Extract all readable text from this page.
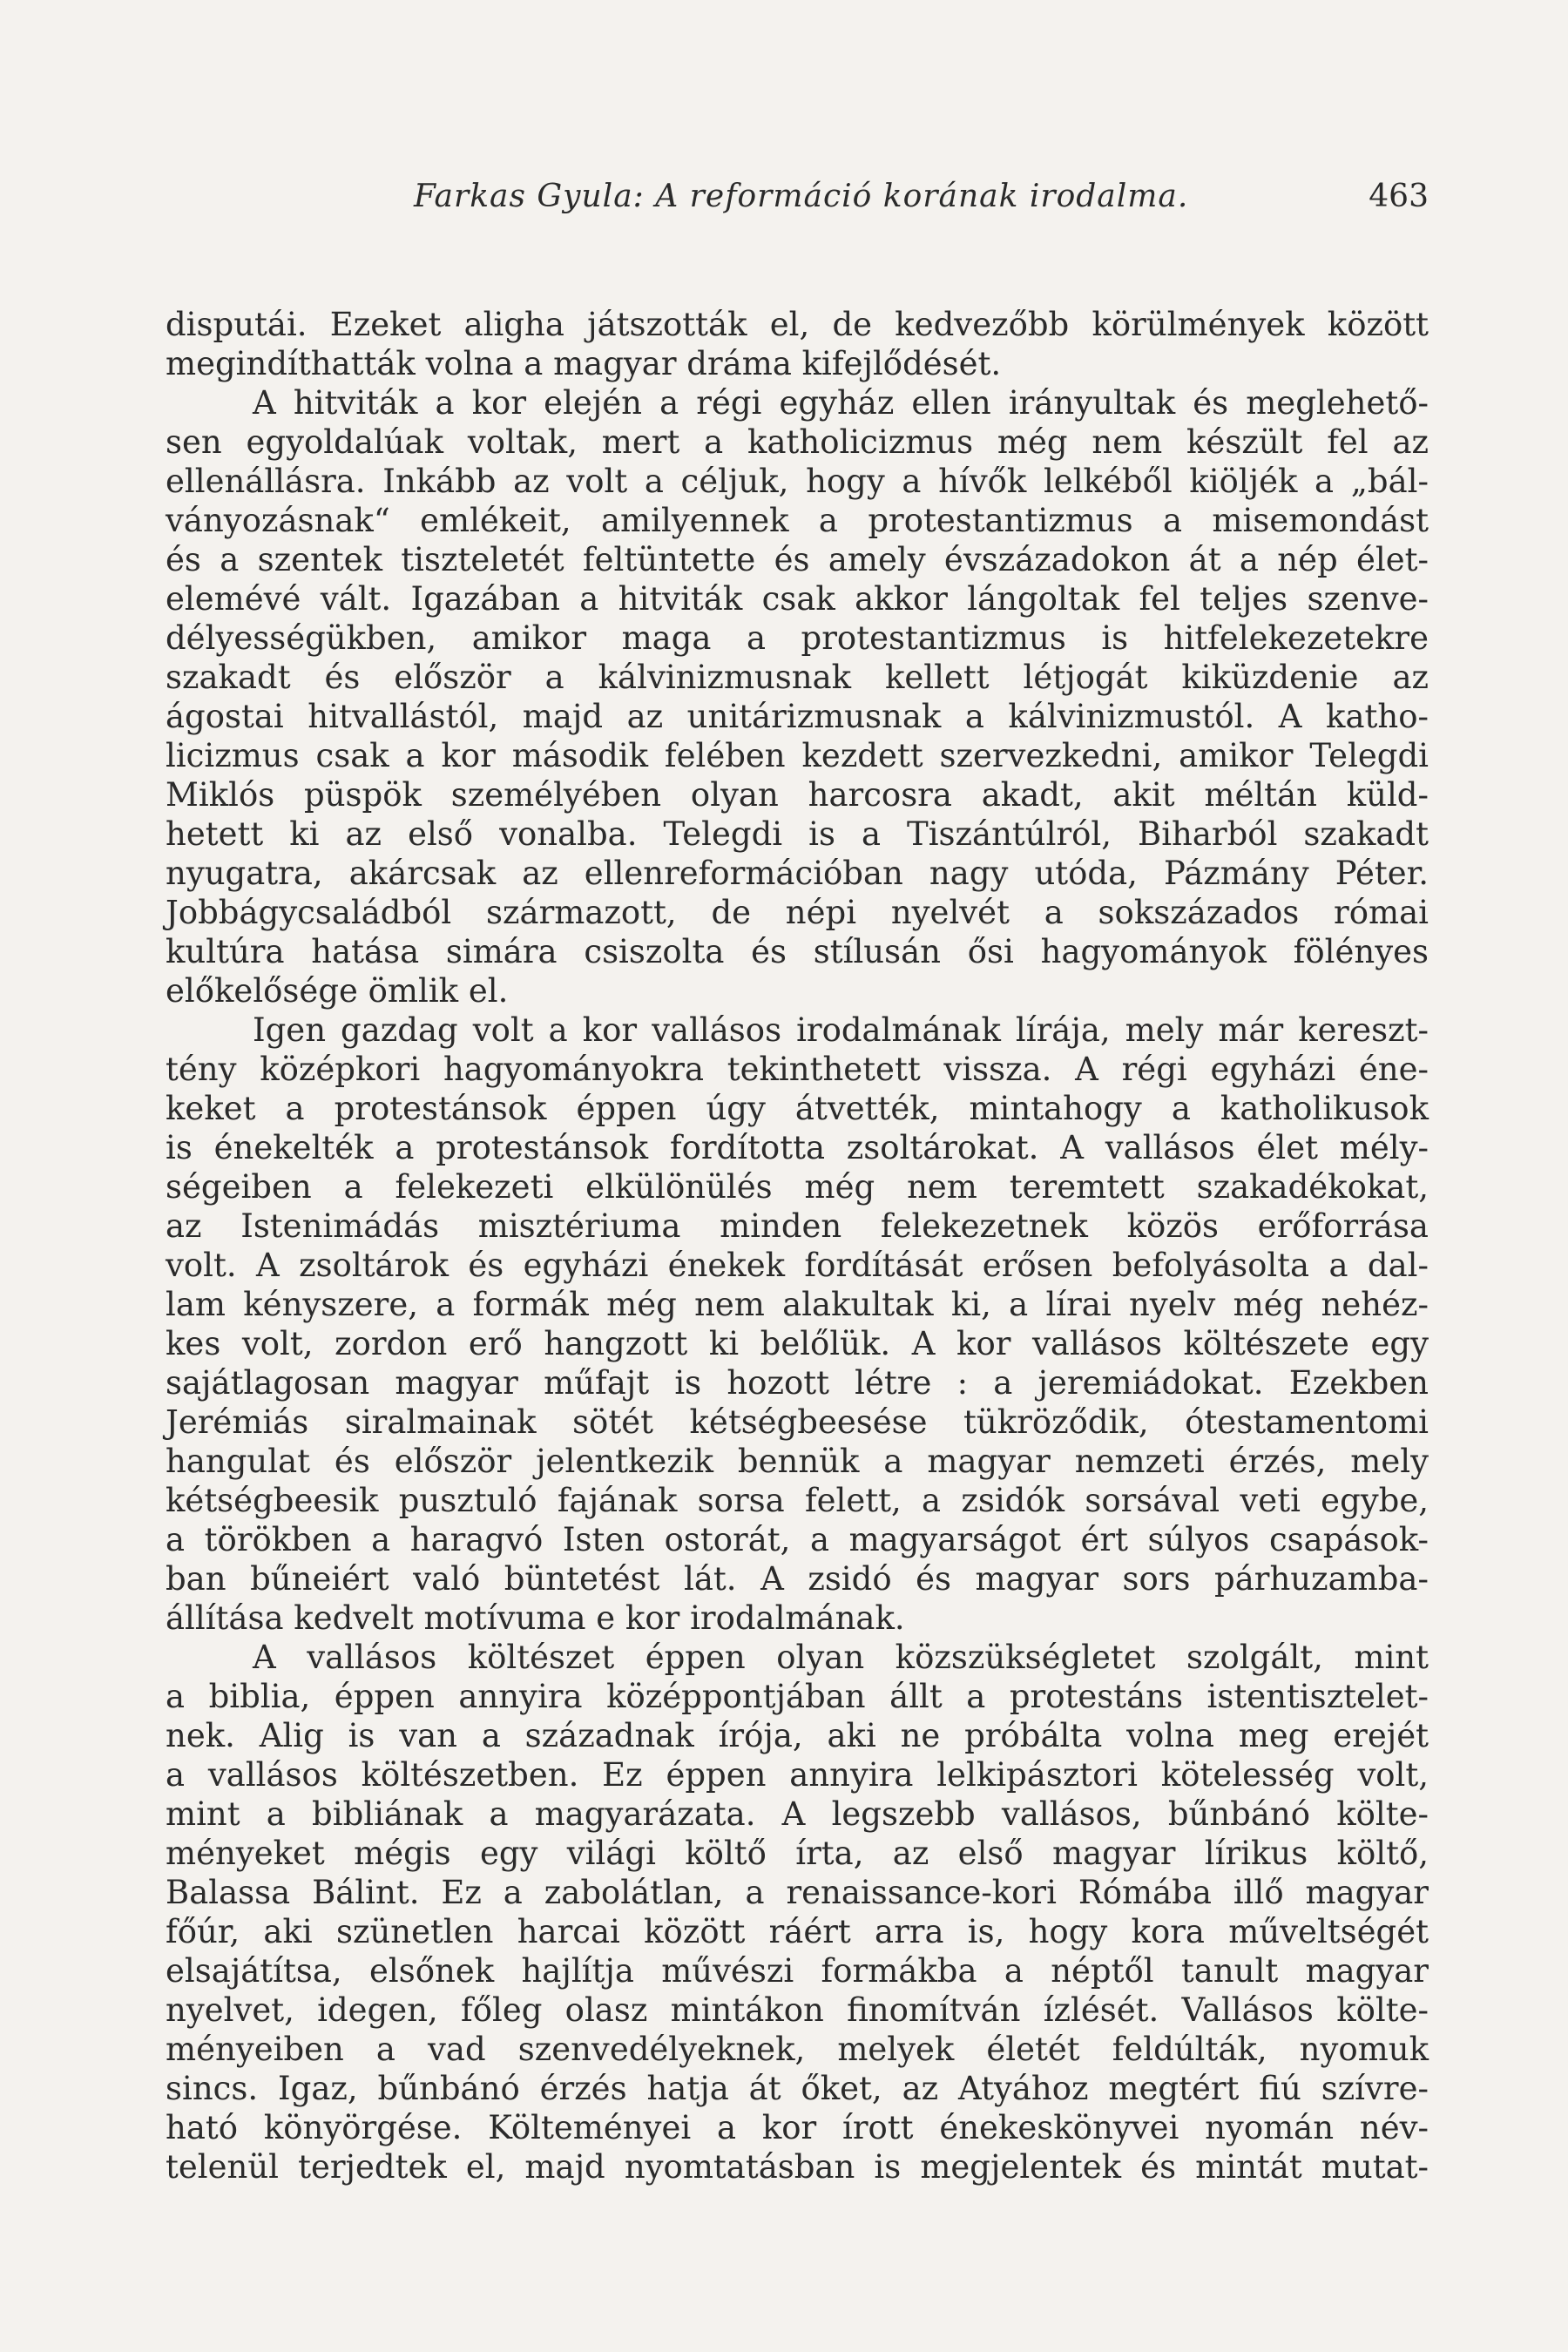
Farkas Gyula: A reformáció korának irodalma.	463
disputái. Ezeket aligha játszották el, de kedvezőbb körülmények között
megindíthatták volna a magyar dráma kifejlődését.
A hitviták a kor elején a régi egyház ellen irányultak és meglehető-
sen egyoldalúak voltak, mert a katholicizmus még nem készült fel az
ellenállásra. Inkább az volt a céljuk, hogy a hívők lelkéből kiöljék a „bál-
ványozásnak“ emlékeit, amilyennek a protestantizmus a misemondást
és a szentek tiszteletét feltüntette és amely évszázadokon át a nép élet-
elemévé vált. Igazában a hitviták csak akkor lángoltak fel teljes szenve-
délyességükben, amikor maga a protestantizmus is hitfelekezetekre
szakadt és először a kálvinizmusnak kellett létjogát kiküzdenie az
ágostai hitvallástól, majd az unitárizmusnak a kálvinizmustól. A katho-
licizmus csak a kor második felében kezdett szervezkedni, amikor Telegdi
Miklós püspök személyében olyan harcosra akadt, akit méltán küld-
hetett ki az első vonalba. Telegdi is a Tiszántúlról, Biharból szakadt
nyugatra, akárcsak az ellenreformációban nagy utóda, Pázmány Péter.
Jobbágycsaládból származott, de népi nyelvét a sokszázados római
kultúra hatása simára csiszolta és stílusán ősi hagyományok fölényes
előkelősége ömlik el.
Igen gazdag volt a kor vallásos irodalmának lírája, mely már kereszt-
tény középkori hagyományokra tekinthetett vissza. A régi egyházi éne-
keket a protestánsok éppen úgy átvették, mintahogy a katholikusok
is énekelték a protestánsok fordította zsoltárokat. A vallásos élet mély-
ségeiben a felekezeti elkülönülés még nem teremtett szakadékokat,
az Istenimádás misztériuma minden felekezetnek közös erőforrása
volt. A zsoltárok és egyházi énekek fordítását erősen befolyásolta a dal-
lam kényszere, a formák még nem alakultak ki, a lírai nyelv még nehéz-
kes volt, zordon erő hangzott ki belőlük. A kor vallásos költészete egy
sajátlagosan magyar műfajt is hozott létre : a jeremiádokat. Ezekben
Jerémiás siralmainak sötét kétségbeesése tükröződik, ótestamentomi
hangulat és először jelentkezik bennük a magyar nemzeti érzés, mely
kétségbeesik pusztuló fajának sorsa felett, a zsidók sorsával veti egybe,
a törökben a haragvó Isten ostorát, a magyarságot ért súlyos csapások-
ban bűneiért való büntetést lát. A zsidó és magyar sors párhuzamba-
állítása kedvelt motívuma e kor irodalmának.
A vallásos költészet éppen olyan közszükségletet szolgált, mint
a biblia, éppen annyira középpontjában állt a protestáns istentisztelet-
nek. Alig is van a századnak írója, aki ne próbálta volna meg erejét
a vallásos költészetben. Ez éppen annyira lelkipásztori kötelesség volt,
mint a bibliának a magyarázata. A legszebb vallásos, bűnbánó költe-
ményeket mégis egy világi költő írta, az első magyar lírikus költő,
Balassa Bálint. Ez a zabolátlan, a renaissance-kori Rómába illő magyar
főúr, aki szünetlen harcai között ráért arra is, hogy kora műveltségét
elsajátítsa, elsőnek hajlítja művészi formákba a néptől tanult magyar
nyelvet, idegen, főleg olasz mintákon finomítván ízlését. Vallásos költe-
ményeiben a vad szenvedélyeknek, melyek életét feldúlták, nyomuk
sincs. Igaz, bűnbánó érzés hatja át őket, az Atyához megtért fiú szívre-
ható könyörgése. Költeményei a kor írott énekeskönyvei nyomán név-
telenül terjedtek el, majd nyomtatásban is megjelentek és mintát mutat-
